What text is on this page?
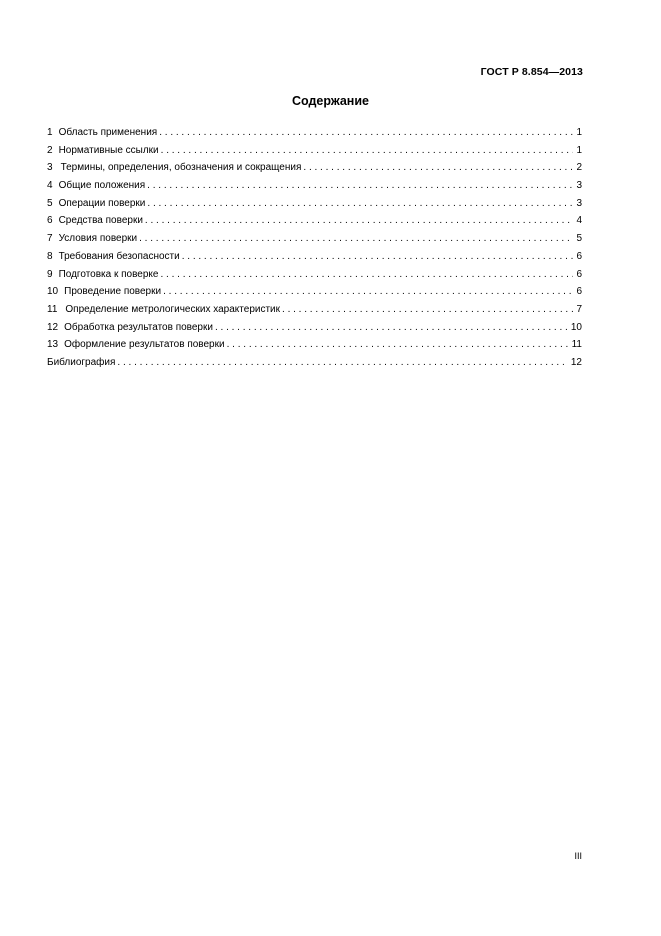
ГОСТ Р 8.854—2013
Содержание
1 Область применения . . .	1
2 Нормативные ссылки . . .	1
3 Термины, определения, обозначения и сокращения . . .	2
4 Общие положения . . .	3
5 Операции поверки . . .	3
6 Средства поверки . . .	4
7 Условия поверки . . .	5
8 Требования безопасности . . .	6
9 Подготовка к поверке . . .	6
10 Проведение поверки . . .	6
11 Определение метрологических характеристик . . .	7
12 Обработка результатов поверки . . .	10
13 Оформление результатов поверки . . .	11
Библиография . . .	12
III
